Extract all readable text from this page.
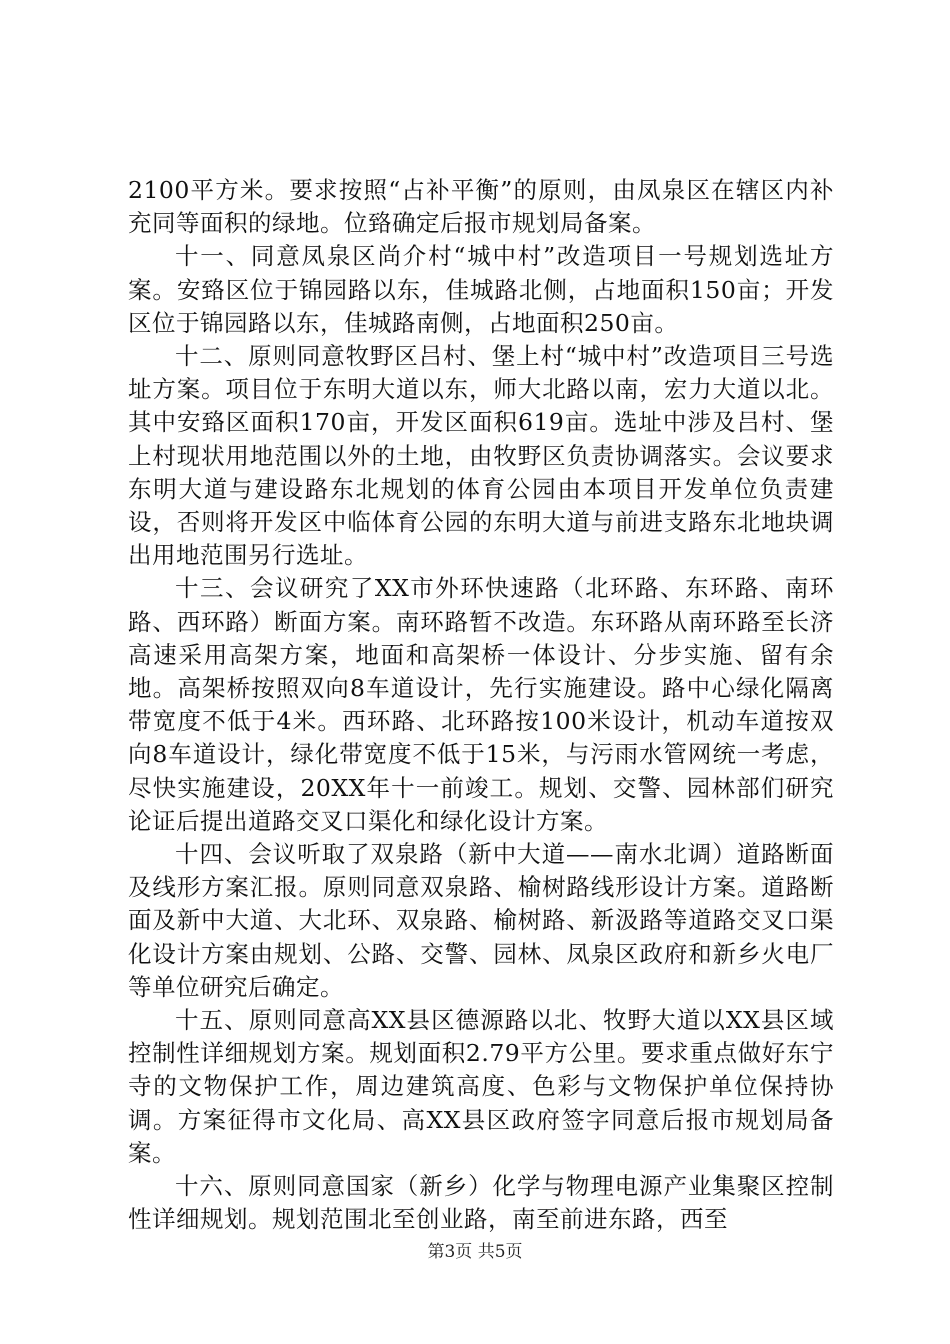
2100平方米。要求按照“占补平衡”的原则，由凤泉区在辖区内补充同等面积的绿地。位臵确定后报市规划局备案。

十一、同意凤泉区尚介村“城中村”改造项目一号规划选址方案。安臵区位于锦园路以东，佳城路北侧，占地面积150亩；开发区位于锦园路以东，佳城路南侧，占地面积250亩。

十二、原则同意牧野区吕村、堡上村“城中村”改造项目三号选址方案。项目位于东明大道以东，师大北路以南，宏力大道以北。其中安臵区面积170亩，开发区面积619亩。选址中涉及吕村、堡上村现状用地范围以外的土地，由牧野区负责协调落实。会议要求东明大道与建设路东北规划的体育公园由本项目开发单位负责建设，否则将开发区中临体育公园的东明大道与前进支路东北地块调出用地范围另行选址。

十三、会议研究了XX市外环快速路（北环路、东环路、南环路、西环路）断面方案。南环路暂不改造。东环路从南环路至长济高速采用高架方案，地面和高架桥一体设计、分步实施、留有余地。高架桥按照双向8车道设计，先行实施建设。路中心绿化隔离带宽度不低于4米。西环路、北环路按100米设计，机动车道按双向8车道设计，绿化带宽度不低于15米，与污雨水管网统一考虑，尽快实施建设，20XX年十一前竣工。规划、交警、园林部们研究论证后提出道路交叉口渠化和绿化设计方案。

十四、会议听取了双泉路（新中大道——南水北调）道路断面及线形方案汇报。原则同意双泉路、榆树路线形设计方案。道路断面及新中大道、大北环、双泉路、榆树路、新汲路等道路交叉口渠化设计方案由规划、公路、交警、园林、凤泉区政府和新乡火电厂等单位研究后确定。

十五、原则同意高XX县区德源路以北、牧野大道以XX县区域控制性详细规划方案。规划面积2.79平方公里。要求重点做好东宁寺的文物保护工作，周边建筑高度、色彩与文物保护单位保持协调。方案征得市文化局、高XX县区政府签字同意后报市规划局备案。

十六、原则同意国家（新乡）化学与物理电源产业集聚区控制性详细规划。规划范围北至创业路，南至前进东路，西至

第3页 共5页
